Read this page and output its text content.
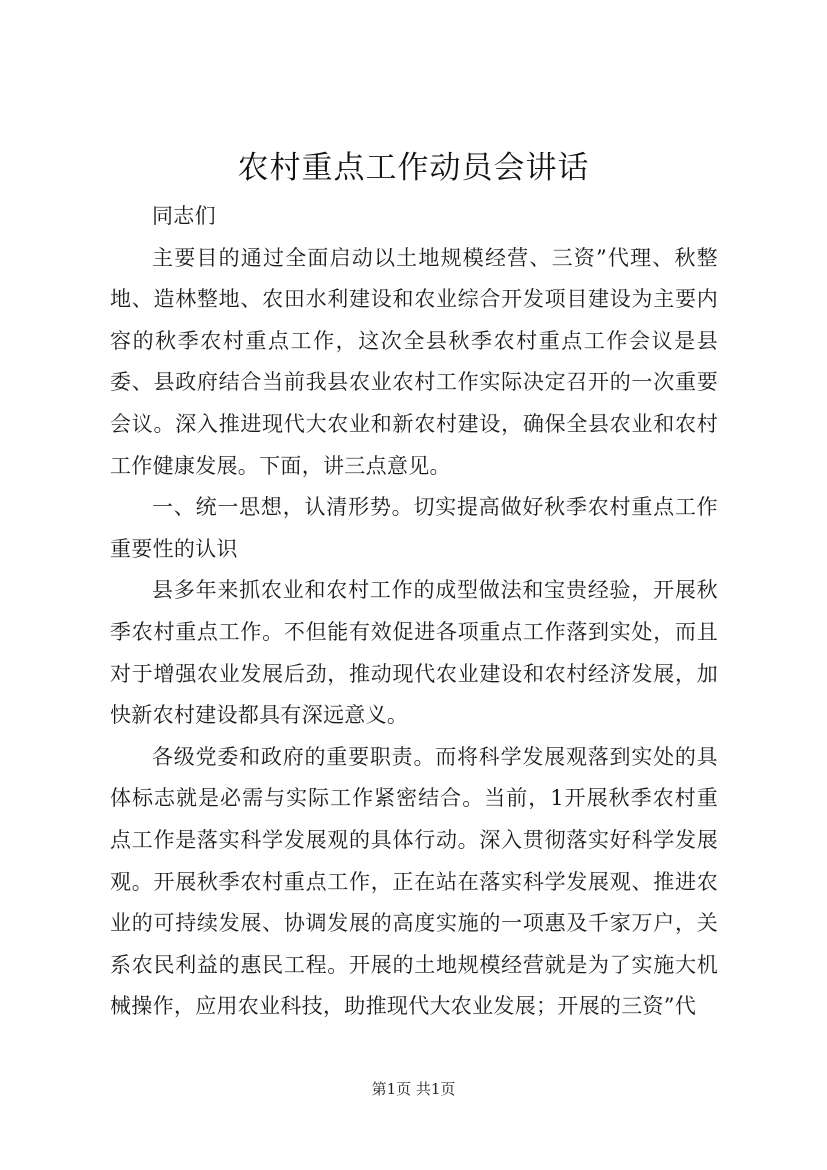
农村重点工作动员会讲话

同志们

主要目的通过全面启动以土地规模经营、三资”代理、秋整地、造林整地、农田水利建设和农业综合开发项目建设为主要内容的秋季农村重点工作，这次全县秋季农村重点工作会议是县委、县政府结合当前我县农业农村工作实际决定召开的一次重要会议。深入推进现代大农业和新农村建设，确保全县农业和农村工作健康发展。下面，讲三点意见。

一、统一思想，认清形势。切实提高做好秋季农村重点工作重要性的认识

县多年来抓农业和农村工作的成型做法和宝贵经验，开展秋季农村重点工作。不但能有效促进各项重点工作落到实处，而且对于增强农业发展后劲，推动现代农业建设和农村经济发展，加快新农村建设都具有深远意义。

各级党委和政府的重要职责。而将科学发展观落到实处的具体标志就是必需与实际工作紧密结合。当前，1开展秋季农村重点工作是落实科学发展观的具体行动。深入贯彻落实好科学发展观。开展秋季农村重点工作，正在站在落实科学发展观、推进农业的可持续发展、协调发展的高度实施的一项惠及千家万户，关系农民利益的惠民工程。开展的土地规模经营就是为了实施大机械操作，应用农业科技，助推现代大农业发展；开展的三资”代

第1页 共1页
